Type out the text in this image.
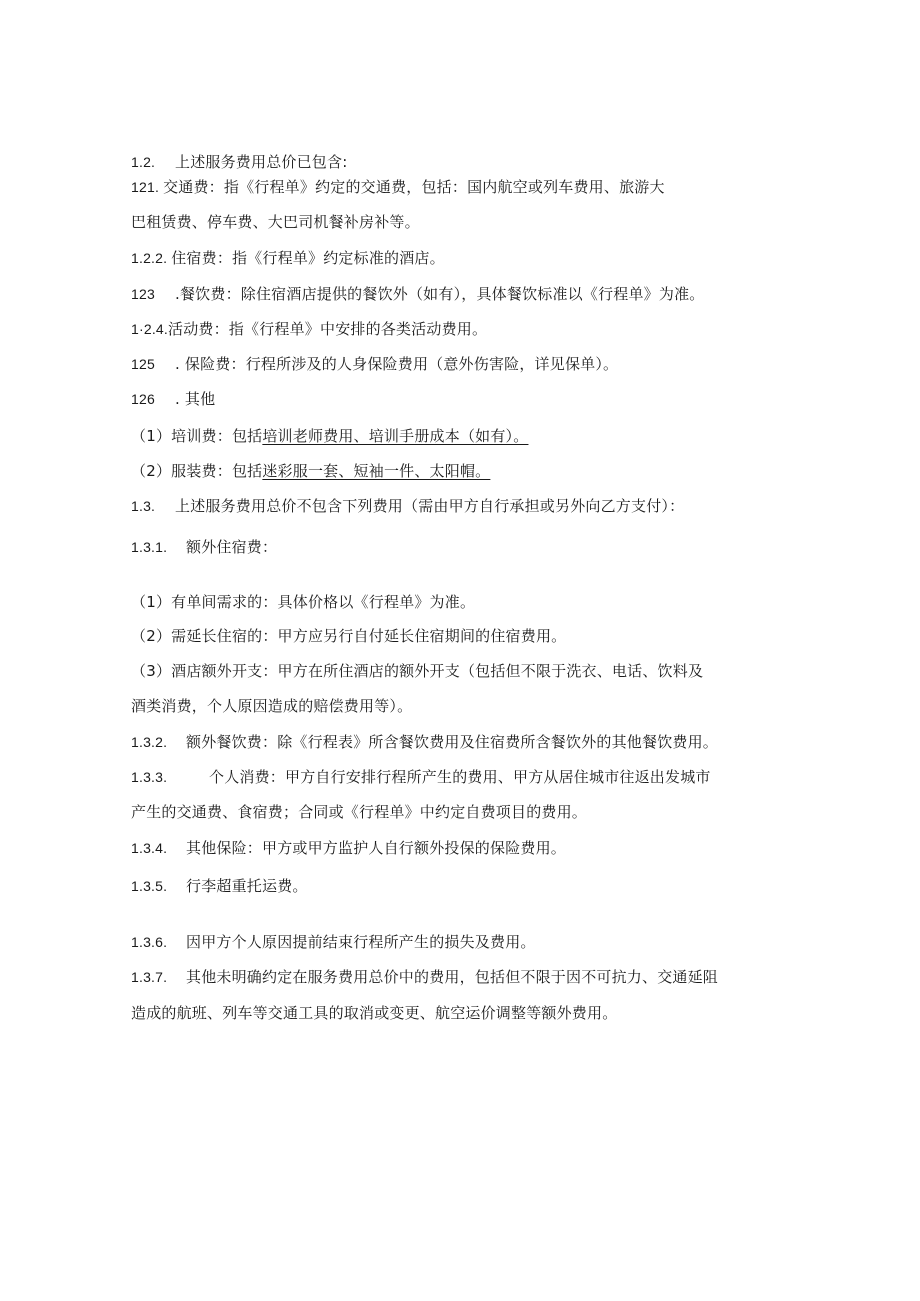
1.2. 上述服务费用总价已包含:
121. 交通费：指《行程单》约定的交通费，包括：国内航空或列车费用、旅游大
巴租赁费、停车费、大巴司机餐补房补等。
1.2.2. 住宿费：指《行程单》约定标准的酒店。
123 .餐饮费：除住宿酒店提供的餐饮外（如有），具体餐饮标准以《行程单》为准。
1·2.4.活动费：指《行程单》中安排的各类活动费用。
125 . 保险费：行程所涉及的人身保险费用（意外伤害险，详见保单）。
126 . 其他
（1）培训费：包括培训老师费用、培训手册成本（如有）。
（2）服装费：包括迷彩服一套、短袖一件、太阳帽。
1.3. 上述服务费用总价不包含下列费用（需由甲方自行承担或另外向乙方支付）：
1.3.1. 额外住宿费：
（1）有单间需求的：具体价格以《行程单》为准。
（2）需延长住宿的：甲方应另行自付延长住宿期间的住宿费用。
（3）酒店额外开支：甲方在所住酒店的额外开支（包括但不限于洗衣、电话、饮料及
酒类消费，个人原因造成的赔偿费用等）。
1.3.2. 额外餐饮费：除《行程表》所含餐饮费用及住宿费所含餐饮外的其他餐饮费用。
1.3.3.	个人消费：甲方自行安排行程所产生的费用、甲方从居住城市往返出发城市
产生的交通费、食宿费；合同或《行程单》中约定自费项目的费用。
1.3.4. 其他保险：甲方或甲方监护人自行额外投保的保险费用。
1.3.5. 行李超重托运费。
1.3.6. 因甲方个人原因提前结束行程所产生的损失及费用。
1.3.7. 其他未明确约定在服务费用总价中的费用，包括但不限于因不可抗力、交通延阻
造成的航班、列车等交通工具的取消或变更、航空运价调整等额外费用。
